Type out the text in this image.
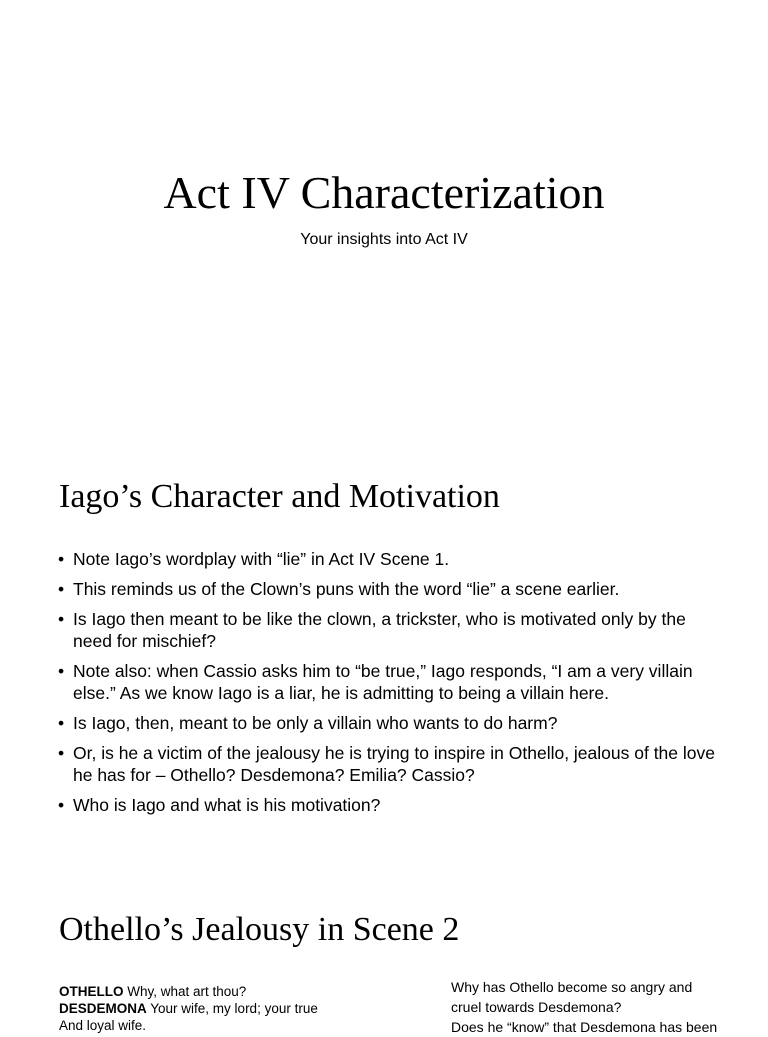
Act IV Characterization
Your insights into Act IV
Iago’s Character and Motivation
• Note Iago’s wordplay with “lie” in Act IV Scene 1.
• This reminds us of the Clown’s puns with the word “lie” a scene earlier.
• Is Iago then meant to be like the clown, a trickster, who is motivated only by the need for mischief?
• Note also: when Cassio asks him to “be true,” Iago responds, “I am a very villain else.” As we know Iago is a liar, he is admitting to being a villain here.
• Is Iago, then, meant to be only a villain who wants to do harm?
• Or, is he a victim of the jealousy he is trying to inspire in Othello, jealous of the love he has for – Othello? Desdemona? Emilia? Cassio?
• Who is Iago and what is his motivation?
Othello’s Jealousy in Scene 2
OTHELLO Why, what art thou?
DESDEMONA Your wife, my lord; your true
And loyal wife.
Why has Othello become so angry and
cruel towards Desdemona?
Does he “know” that Desdemona has been
